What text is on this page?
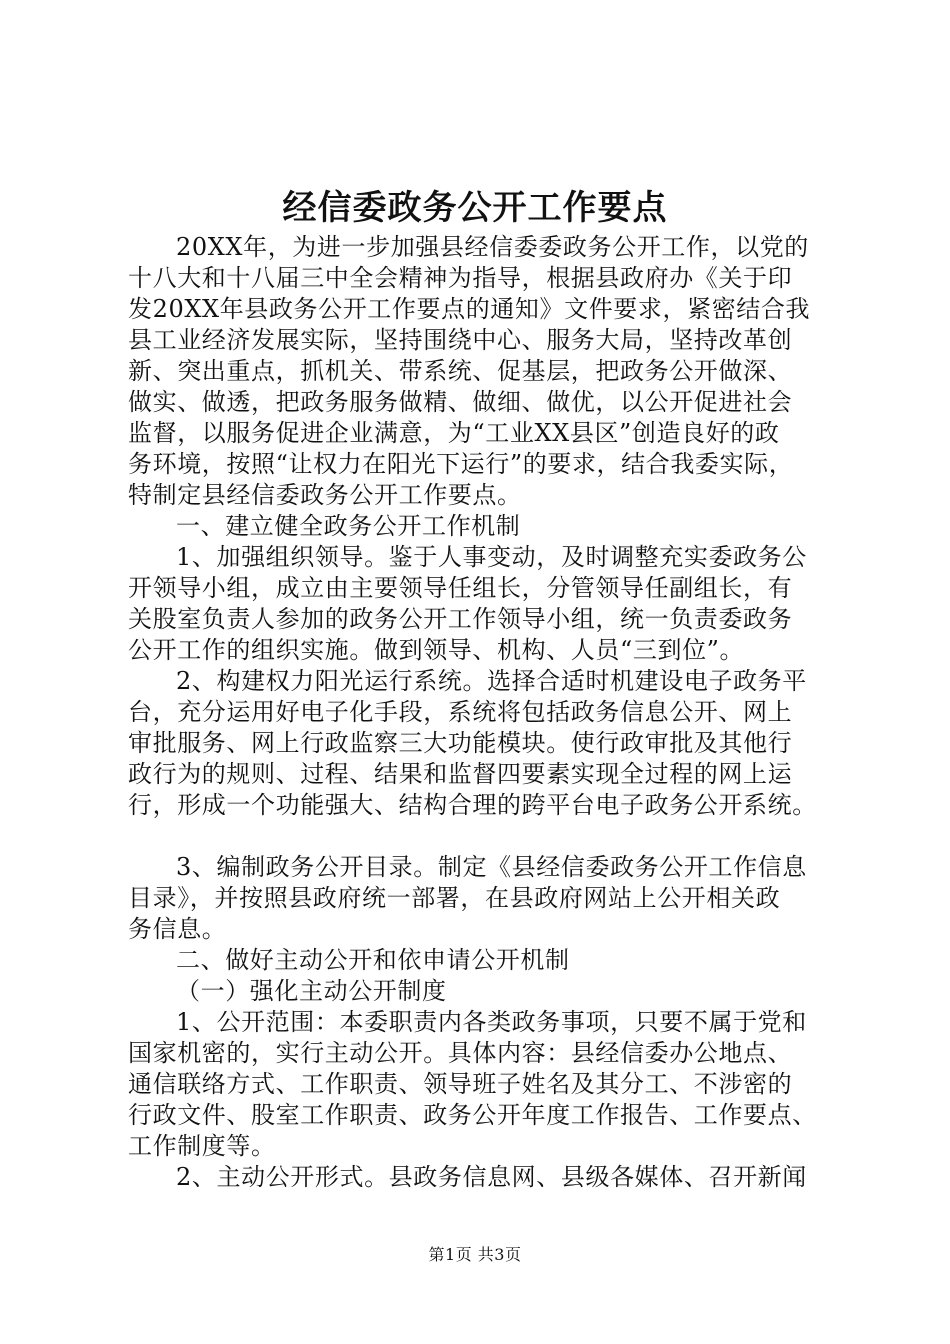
经信委政务公开工作要点
20XX年，为进一步加强县经信委委政务公开工作，以党的
十八大和十八届三中全会精神为指导，根据县政府办《关于印
发20XX年县政务公开工作要点的通知》文件要求，紧密结合我
县工业经济发展实际，坚持围绕中心、服务大局，坚持改革创
新、突出重点，抓机关、带系统、促基层，把政务公开做深、
做实、做透，把政务服务做精、做细、做优，以公开促进社会
监督，以服务促进企业满意，为“工业XX县区”创造良好的政
务环境，按照“让权力在阳光下运行”的要求，结合我委实际，
特制定县经信委政务公开工作要点。
一、建立健全政务公开工作机制
1、加强组织领导。鉴于人事变动，及时调整充实委政务公
开领导小组，成立由主要领导任组长，分管领导任副组长，有
关股室负责人参加的政务公开工作领导小组，统一负责委政务
公开工作的组织实施。做到领导、机构、人员“三到位”。
2、构建权力阳光运行系统。选择合适时机建设电子政务平
台，充分运用好电子化手段，系统将包括政务信息公开、网上
审批服务、网上行政监察三大功能模块。使行政审批及其他行
政行为的规则、过程、结果和监督四要素实现全过程的网上运
行，形成一个功能强大、结构合理的跨平台电子政务公开系统。
3、编制政务公开目录。制定《县经信委政务公开工作信息
目录》，并按照县政府统一部署，在县政府网站上公开相关政
务信息。
二、做好主动公开和依申请公开机制
（一）强化主动公开制度
1、公开范围：本委职责内各类政务事项，只要不属于党和
国家机密的，实行主动公开。具体内容：县经信委办公地点、
通信联络方式、工作职责、领导班子姓名及其分工、不涉密的
行政文件、股室工作职责、政务公开年度工作报告、工作要点、
工作制度等。
2、主动公开形式。县政务信息网、县级各媒体、召开新闻
第1页 共3页
